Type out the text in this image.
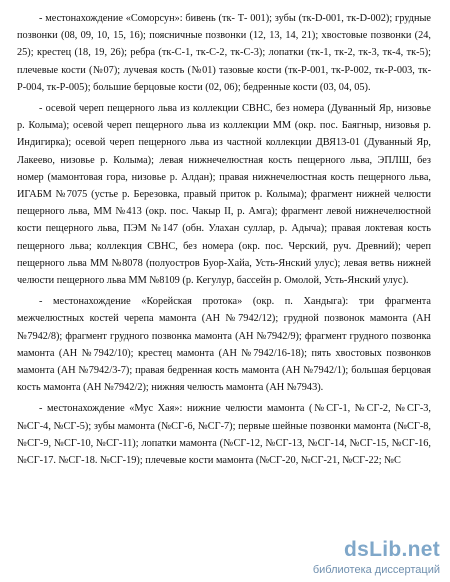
- местонахождение «Соморсун»: бивень (тк- Т- 001); зубы (тк-D-001, тк-D-002); грудные позвонки (08, 09, 10, 15, 16); поясничные позвонки (12, 13, 14, 21); хвостовые позвонки (24, 25); крестец (18, 19, 26); ребра (тк-С-1, тк-С-2, тк-С-3); лопатки (тк-1, тк-2, тк-3, тк-4, тк-5); плечевые кости (№07); лучевая кость (№01) тазовые кости (тк-Р-001, тк-Р-002, тк-Р-003, тк-Р-004, тк-Р-005); большие берцовые кости (02, 06); бедренные кости (03, 04, 05).

- осевой череп пещерного льва из коллекции СВНС, без номера (Дуванный Яр, низовье р. Колыма); осевой череп пещерного льва из коллекции ММ (окр. пос. Баягныр, низовья р. Индигирка); осевой череп пещерного льва из частной коллекции ДВЯ13-01 (Дуванный Яр, Лакеево, низовье р. Колыма); левая нижнечелюстная кость пещерного льва, ЭПЛШ, без номер (мамонтовая гора, низовье р. Алдан); правая нижнечелюстная кость пещерного льва, ИГАБМ №7075 (устье р. Березовка, правый приток р. Колыма); фрагмент нижней челюсти пещерного льва, ММ №413 (окр. пос. Чакыр II, р. Амга); фрагмент левой нижнечелюстной кости пещерного льва, ПЭМ №147 (обн. Улахан суллар, р. Адыча); правая локтевая кость пещерного льва; коллекция СВНС, без номера (окр. пос. Черский, руч. Древний); череп пещерного льва ММ №8078 (полуостров Буор-Хайа, Усть-Янский улус); левая ветвь нижней челюсти пещерного льва ММ №8109 (р. Кегулур, бассейн р. Омолой, Усть-Янский улус).

- местонахождение «Корейская протока» (окр. п. Хандыга): три фрагмента межчелюстных костей черепа мамонта (АН №7942/12); грудной позвонок мамонта (АН №7942/8); фрагмент грудного позвонка мамонта (АН №7942/9); фрагмент грудного позвонка мамонта (АН №7942/10); крестец мамонта (АН №7942/16-18); пять хвостовых позвонков мамонта (АН №7942/3-7); правая бедренная кость мамонта (АН №7942/1); большая берцовая кость мамонта (АН №7942/2); нижняя челюсть мамонта (АН №7943).

- местонахождение «Мус Хая»: нижние челюсти мамонта (№СГ-1, №СГ-2, №СГ-3, №СГ-4, №СГ-5); зубы мамонта (№СГ-6, №СГ-7); первые шейные позвонки мамонта (№СГ-8, №СГ-9, №СГ-10, №СГ-11); лопатки мамонта (№СГ-12, №СГ-13, №СГ-14, №СГ-15, №СГ-16, №СГ-17. №СГ-18. №СГ-19); плечевые кости мамонта (№СГ-20, №СГ-21, №СГ-22; №С

dsLib.net
библиотека диссертаций
